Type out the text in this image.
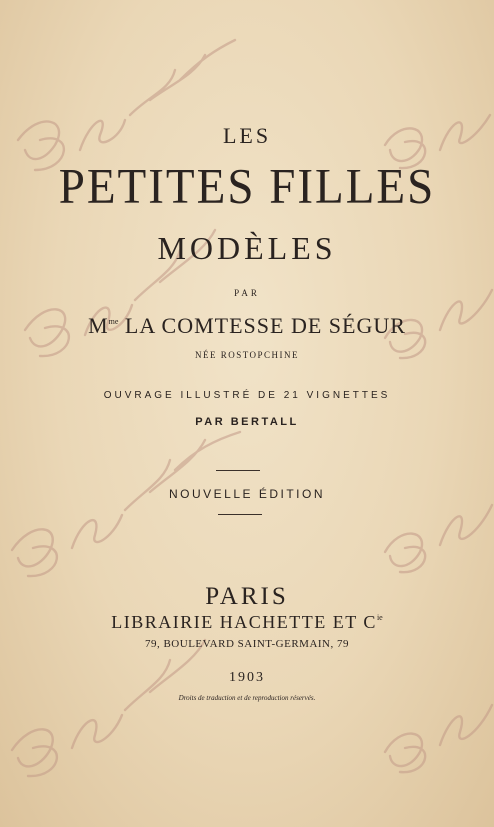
LES
PETITES FILLES
MODÈLES
PAR
$M^{me}$ LA COMTESSE DE SÉGUR
NÉE ROSTOPCHINE
OUVRAGE ILLUSTRÉ DE 21 VIGNETTES
PAR BERTALL
NOUVELLE ÉDITION
PARIS
LIBRAIRIE HACHETTE ET $C^{ie}$
79, BOULEVARD SAINT-GERMAIN, 79
1903
Droits de traduction et de reproduction réservés.
